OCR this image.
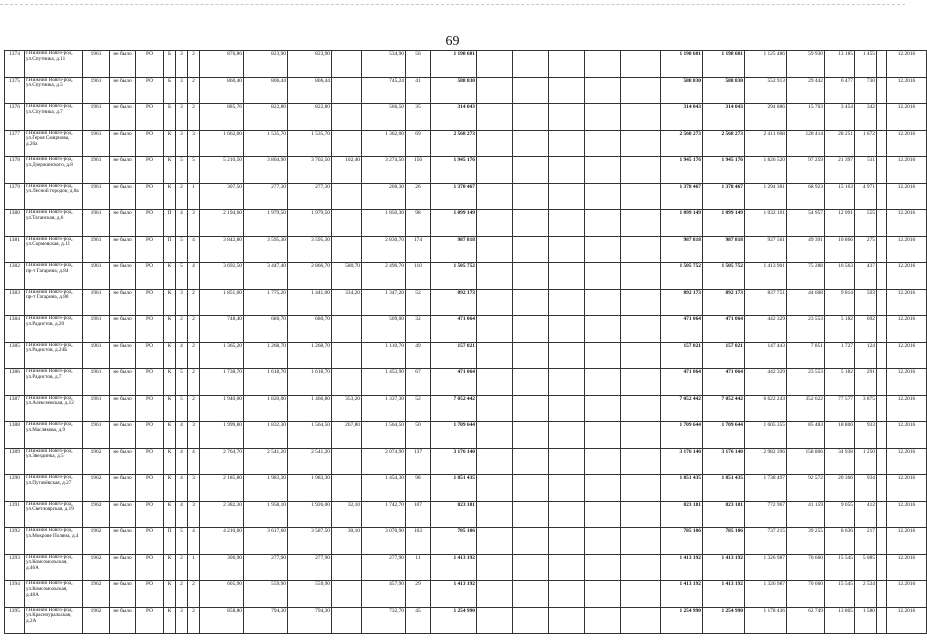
69
1374	г.Нижний Новго-род, ул.Спутника, д.11	1961	не было	РО	Б	3	2	876,86	823,90	823,90		534,90	56	1 198 601						1 198 601	1 198 601	1 125 486	59 930	13 185	1 455		12.2016
1375	г.Нижний Новго-род, ул.Спутника, д.5	1961	не было	РО	Б	3	2	860,40	806,44	806,44		745,24	41	588 830						588 830	588 830	552 913	29 442	6 477	730		12.2016
1376	г.Нижний Новго-род, ул.Спутника, д.7	1961	не было	РО	Б	3	2	885,76	822,80	822,80		566,50	35	314 043						314 043	314 043	294 886	15 703	3 454	342		12.2016
1377	г.Нижний Новго-род, ул.Героя Смирнова, д.26а	1961	не было	РО	К	3	3	1 662,00	1 535,70	1 535,70		1 362,00	69	2 568 273						2 568 273	2 568 273	2 411 608	128 414	28 251	1 672		12.2016
1378	г.Нижний Новго-род, ул.Дзержинского, д.8	1961	не было	РО	К	5	5	5 210,50	3 804,90	3 702,50	102,40	3 274,50	150	1 945 176						1 945 176	1 945 176	1 826 520	97 259	21 397	511		12.2016
1379	г.Нижний Новго-род, ул.Лесной городок, д.8а	1961	не было	РО	К	2	1	307,50	277,30	277,30		200,30	26	1 378 467						1 378 467	1 378 467	1 294 381	68 923	15 163	4 971		12.2016
1380	г.Нижний Новго-род, ул.Таганская, д.6	1961	не было	РО	П	4	3	2 194,60	1 979,50	1 979,50		1 850,30	98	1 099 149						1 099 149	1 099 149	1 032 101	54 957	12 091	555		12.2016
1381	г.Нижний Новго-род, ул.Сормовская, д.11	1961	не было	РО	П	5	4	3 842,80	3 595,30	3 595,30		2 830,70	174	987 818						987 818	987 818	927 561	49 391	10 866	275		12.2016
1382	г.Нижний Новго-род, пр-т Гагарина, д.84	1961	не было	РО	К	5	4	3 692,50	3 447,40	2 866,70	580,70	2 496,70	110	1 505 752						1 505 752	1 505 752	1 413 901	75 288	16 563	437		12.2016
1383	г.Нижний Новго-род, пр-т Гагарина, д.88	1961	не было	РО	К	3	2	1 851,00	1 775,20	1 441,00	334,20	1 347,20	52	892 173						892 173	892 173	837 751	44 608	9 814	503		12.2016
1384	г.Нижний Новго-род, ул.Радистов, д.20	1961	не было	РО	К	2	2	748,40	680,70	680,70		509,00	32	471 064						471 064	471 064	442 329	23 553	5 182	692		12.2016
1385	г.Нижний Новго-род, ул.Радистов, д.24Б	1961	не было	РО	К	4	2	1 365,20	1 268,70	1 268,70		1 110,70	49	157 021						157 021	157 021	147 443	7 851	1 727	124		12.2016
1386	г.Нижний Новго-род, ул.Радистов, д.7	1961	не было	РО	К	5	2	1 738,70	1 618,70	1 618,70		1 453,90	67	471 064						471 064	471 064	442 329	23 553	5 182	291		12.2016
1387	г.Нижний Новго-род, ул.Алексеевская, д.12	1961	не было	РО	К	5	2	1 940,00	1 820,00	1 466,80	353,20	1 337,30	52	7 052 442						7 052 442	7 052 442	6 622 243	352 622	77 577	3 875		12.2016
1388	г.Нижний Новго-род, ул.Маслякова, д.9	1961	не было	РО	К	4	3	1 999,80	1 832,30	1 564,50	267,80	1 564,50	50	1 709 644						1 709 644	1 709 644	1 605 355	85 483	18 806	933		12.2016
1389	г.Нижний Новго-род, ул.Звездинка, д.5	1962	не было	РО	К	4	4	2 764,70	2 541,20	2 541,20		2 074,90	137	3 176 140						3 176 140	3 176 140	2 982 396	158 806	34 938	1 250		12.2016
1390	г.Нижний Новго-род, ул.Пугачёвская, д.27	1962	не было	РО	К	4	3	2 185,80	1 983,30	1 983,30		1 454,30	98	1 851 435						1 851 435	1 851 435	1 738 497	92 572	20 366	934		12.2016
1391	г.Нижний Новго-род, ул.Светлоярская, д.19	1962	не было	РО	К	4	3	2 382,30	1 958,10	1 926,00	32,10	1 742,70	107	823 181						823 181	823 181	772 967	41 159	9 055	412		12.2016
1392	г.Нижний Новго-род, ул.Мокрове Поляна, д.4	1962	не было	РО	П	5	4	4 210,00	3 617,60	3 587,50	30,10	3 070,90	163	785 106						785 106	785 106	737 215	39 255	8 636	217		12.2016
1393	г.Нижний Новго-род, ул.Комсомольская, д.46А	1962	не было	РО	К	2	1	300,90	277,90	277,90		277,90	11	1 413 192						1 413 192	1 413 192	1 326 987	70 660	15 545	5 085		12.2016
1394	г.Нижний Новго-род, ул.Комсомольская, д.48А	1962	не было	РО	К	2	2	605,90	559,90	559,90		457,90	29	1 413 192						1 413 192	1 413 192	1 326 987	70 660	15 545	2 524		12.2016
1395	г.Нижний Новго-род, ул.Красноуральская, д.2А	1962	не было	РО	К	3	2	858,80	794,30	794,30		732,70	45	1 254 990						1 254 990	1 254 990	1 178 436	62 749	13 805	1 580		12.2016
